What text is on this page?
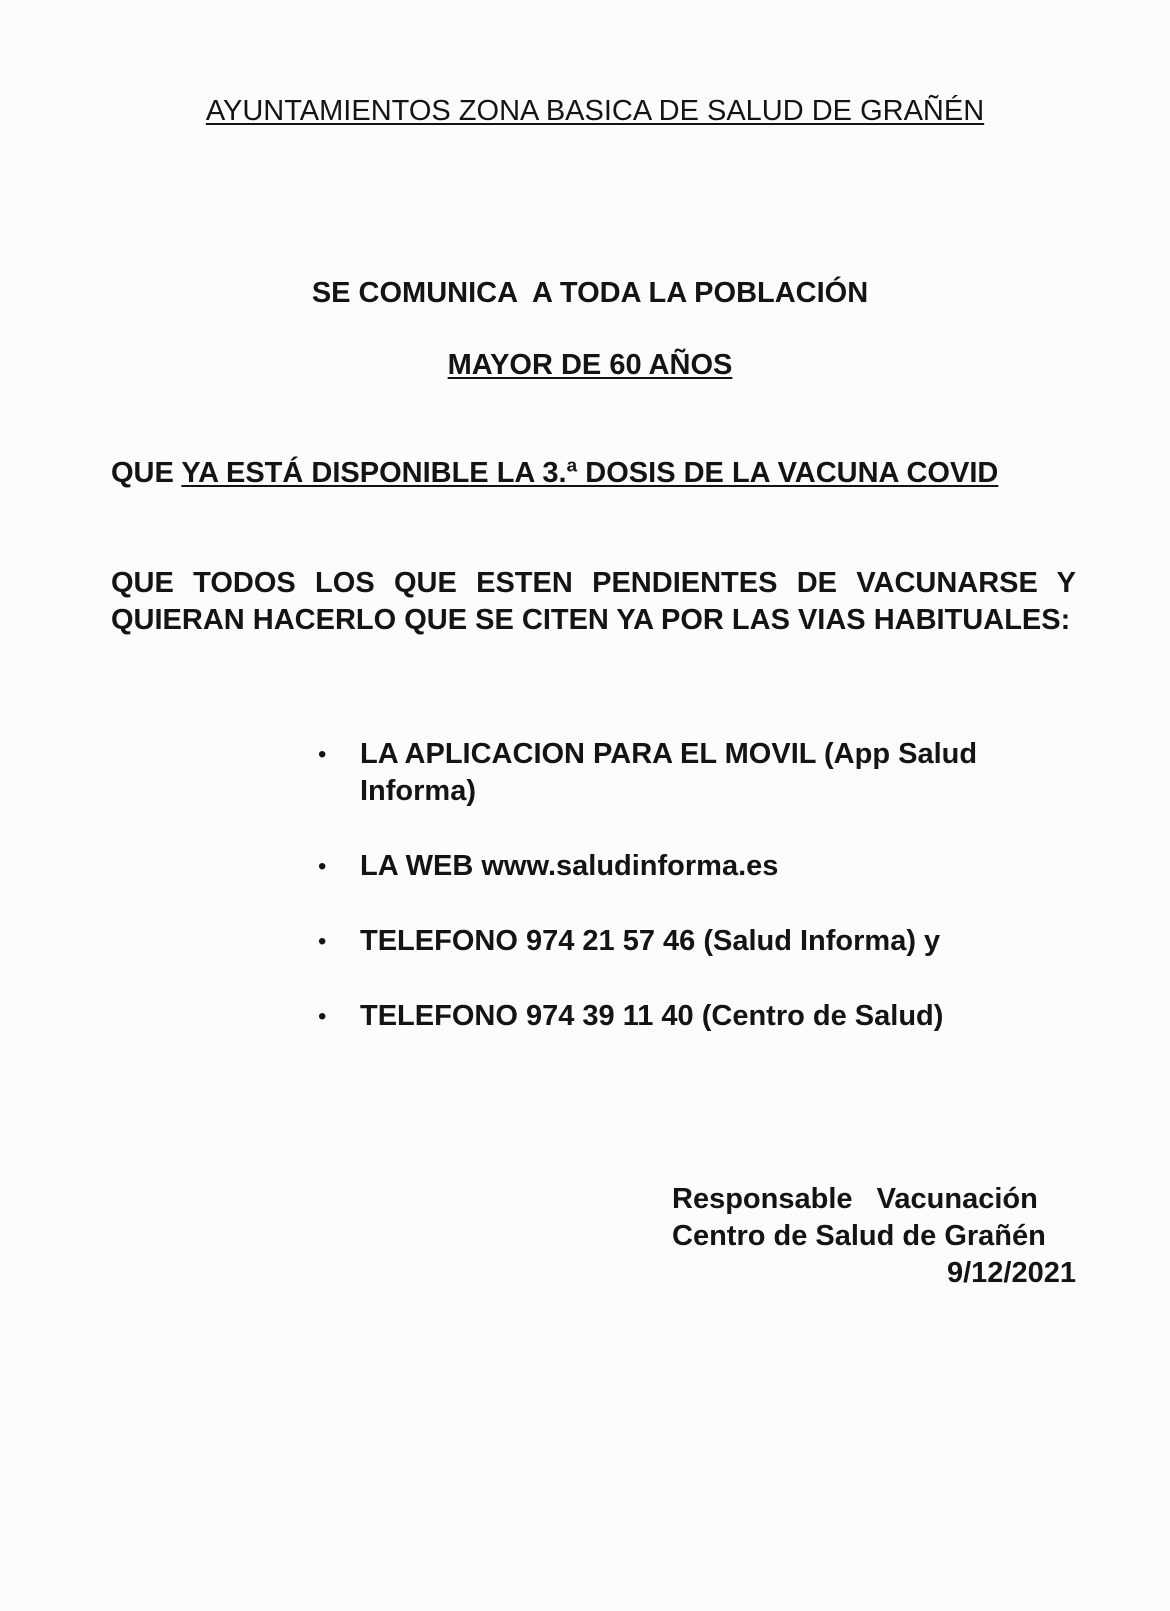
AYUNTAMIENTOS ZONA BASICA DE SALUD DE GRAÑÉN
SE COMUNICA  A TODA LA POBLACIÓN
MAYOR DE 60 AÑOS
QUE YA ESTÁ DISPONIBLE LA 3.ª DOSIS DE LA VACUNA COVID
QUE TODOS LOS QUE ESTEN PENDIENTES DE VACUNARSE Y QUIERAN HACERLO QUE SE CITEN YA POR LAS VIAS HABITUALES:
• LA APLICACION PARA EL MOVIL (App Salud Informa)
• LA WEB www.saludinforma.es
• TELEFONO 974 21 57 46 (Salud Informa) y
• TELEFONO 974 39 11 40 (Centro de Salud)
Responsable   Vacunación
Centro de Salud de Grañén
9/12/2021
